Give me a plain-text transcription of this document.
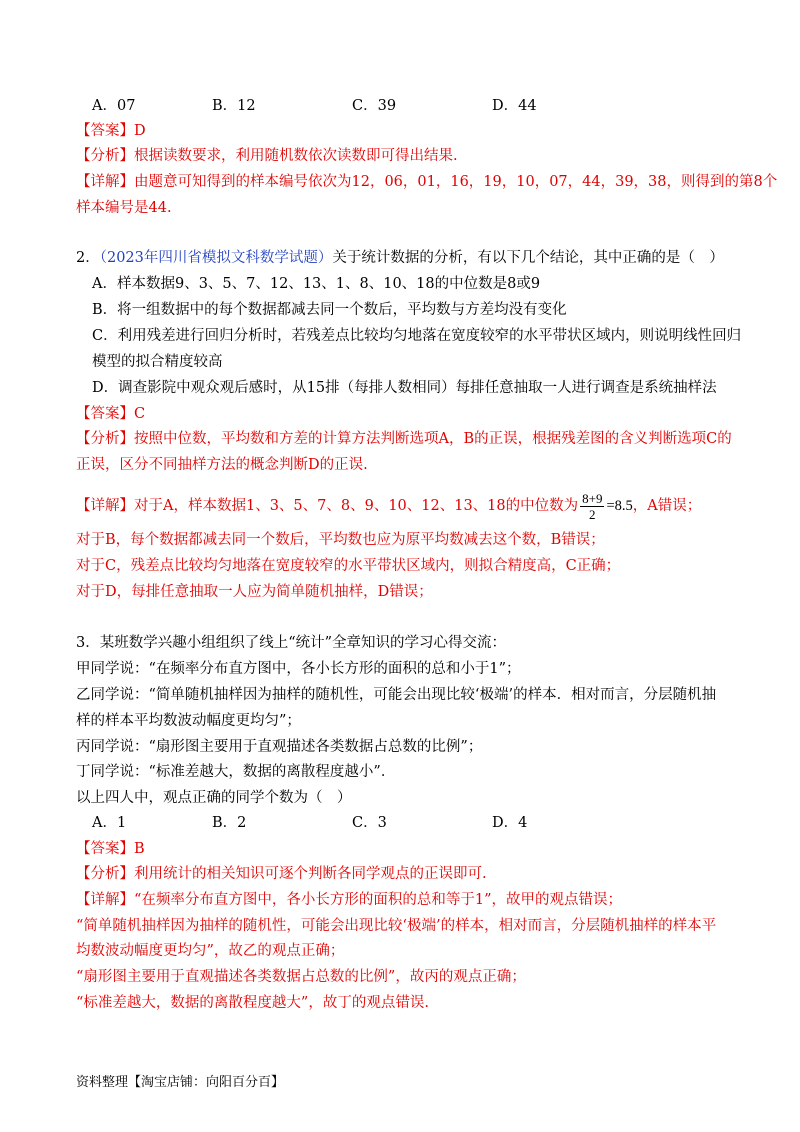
A．07	B．12	C．39	D．44
【答案】D
【分析】根据读数要求，利用随机数依次读数即可得出结果.
【详解】由题意可知得到的样本编号依次为12，06，01，16，19，10，07，44，39，38，则得到的第8个
样本编号是44.
2．（2023年四川省模拟文科数学试题）关于统计数据的分析，有以下几个结论，其中正确的是（　）
A．样本数据9、3、5、7、12、13、1、8、10、18的中位数是8或9
B．将一组数据中的每个数据都减去同一个数后，平均数与方差均没有变化
C．利用残差进行回归分析时，若残差点比较均匀地落在宽度较窄的水平带状区域内，则说明线性回归
模型的拟合精度较高
D．调查影院中观众观后感时，从15排（每排人数相同）每排任意抽取一人进行调查是系统抽样法
【答案】C
【分析】按照中位数，平均数和方差的计算方法判断选项A，B的正误，根据残差图的含义判断选项C的
正误，区分不同抽样方法的概念判断D的正误.
【详解】对于A，样本数据1、3、5、7、8、9、10、12、13、18的中位数为 $\frac{8+9}{2} =8.5$，A错误；
对于B，每个数据都减去同一个数后，平均数也应为原平均数减去这个数，B错误；
对于C，残差点比较均匀地落在宽度较窄的水平带状区域内，则拟合精度高，C正确；
对于D，每排任意抽取一人应为简单随机抽样，D错误；
3．某班数学兴趣小组组织了线上“统计”全章知识的学习心得交流：
甲同学说：“在频率分布直方图中，各小长方形的面积的总和小于1”；
乙同学说：“简单随机抽样因为抽样的随机性，可能会出现比较‘极端’的样本．相对而言，分层随机抽
样的样本平均数波动幅度更均匀”；
丙同学说：“扇形图主要用于直观描述各类数据占总数的比例”；
丁同学说：“标准差越大，数据的离散程度越小”．
以上四人中，观点正确的同学个数为（　）
A．1	B．2	C．3	D．4
【答案】B
【分析】利用统计的相关知识可逐个判断各同学观点的正误即可.
【详解】“在频率分布直方图中，各小长方形的面积的总和等于1”，故甲的观点错误；
“简单随机抽样因为抽样的随机性，可能会出现比较‘极端’的样本，相对而言，分层随机抽样的样本平
均数波动幅度更均匀”，故乙的观点正确；
“扇形图主要用于直观描述各类数据占总数的比例”，故丙的观点正确；
“标准差越大，数据的离散程度越大”，故丁的观点错误.
资料整理【淘宝店铺：向阳百分百】
